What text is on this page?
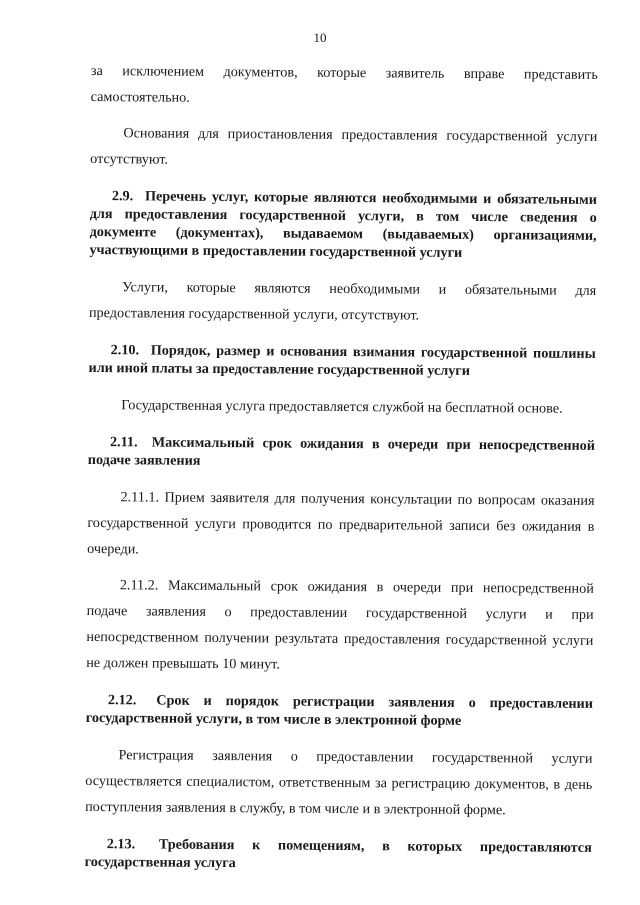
10

за исключением документов, которые заявитель вправе представить самостоятельно.

Основания для приостановления предоставления государственной услуги отсутствуют.

2.9. Перечень услуг, которые являются необходимыми и обязательными для предоставления государственной услуги, в том числе сведения о документе (документах), выдаваемом (выдаваемых) организациями, участвующими в предоставлении государственной услуги

Услуги, которые являются необходимыми и обязательными для предоставления государственной услуги, отсутствуют.

2.10. Порядок, размер и основания взимания государственной пошлины или иной платы за предоставление государственной услуги

Государственная услуга предоставляется службой на бесплатной основе.

2.11. Максимальный срок ожидания в очереди при непосредственной подаче заявления

2.11.1. Прием заявителя для получения консультации по вопросам оказания государственной услуги проводится по предварительной записи без ожидания в очереди.

2.11.2. Максимальный срок ожидания в очереди при непосредственной подаче заявления о предоставлении государственной услуги и при непосредственном получении результата предоставления государственной услуги не должен превышать 10 минут.

2.12. Срок и порядок регистрации заявления о предоставлении государственной услуги, в том числе в электронной форме

Регистрация заявления о предоставлении государственной услуги осуществляется специалистом, ответственным за регистрацию документов, в день поступления заявления в службу, в том числе и в электронной форме.

2.13. Требования к помещениям, в которых предоставляются государственная услуга
